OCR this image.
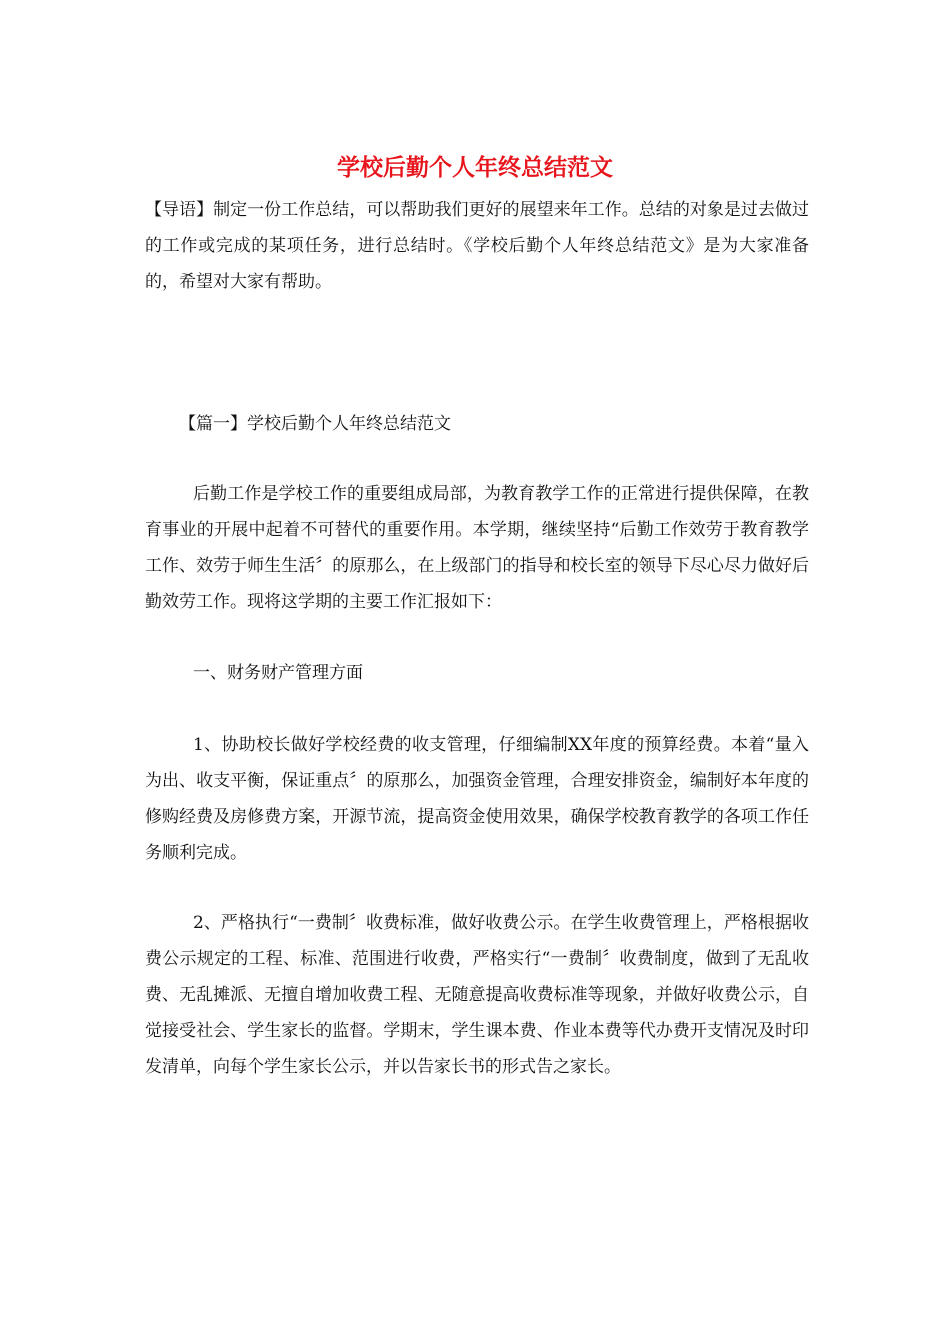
学校后勤个人年终总结范文

【导语】制定一份工作总结，可以帮助我们更好的展望来年工作。总结的对象是过去做过的工作或完成的某项任务，进行总结时。《学校后勤个人年终总结范文》是为大家准备的，希望对大家有帮助。

【篇一】学校后勤个人年终总结范文

后勤工作是学校工作的重要组成局部，为教育教学工作的正常进行提供保障，在教育事业的开展中起着不可替代的重要作用。本学期，继续坚持“后勤工作效劳于教育教学工作、效劳于师生生活〞的原那么，在上级部门的指导和校长室的领导下尽心尽力做好后勤效劳工作。现将这学期的主要工作汇报如下：

一、财务财产管理方面

1、协助校长做好学校经费的收支管理，仔细编制XX年度的预算经费。本着“量入为出、收支平衡，保证重点〞的原那么，加强资金管理，合理安排资金，编制好本年度的修购经费及房修费方案，开源节流，提高资金使用效果，确保学校教育教学的各项工作任务顺利完成。

2、严格执行“一费制〞收费标准，做好收费公示。在学生收费管理上，严格根据收费公示规定的工程、标准、范围进行收费，严格实行“一费制〞收费制度，做到了无乱收费、无乱摊派、无擅自增加收费工程、无随意提高收费标准等现象，并做好收费公示，自觉接受社会、学生家长的监督。学期末，学生课本费、作业本费等代办费开支情况及时印发清单，向每个学生家长公示，并以告家长书的形式告之家长。
